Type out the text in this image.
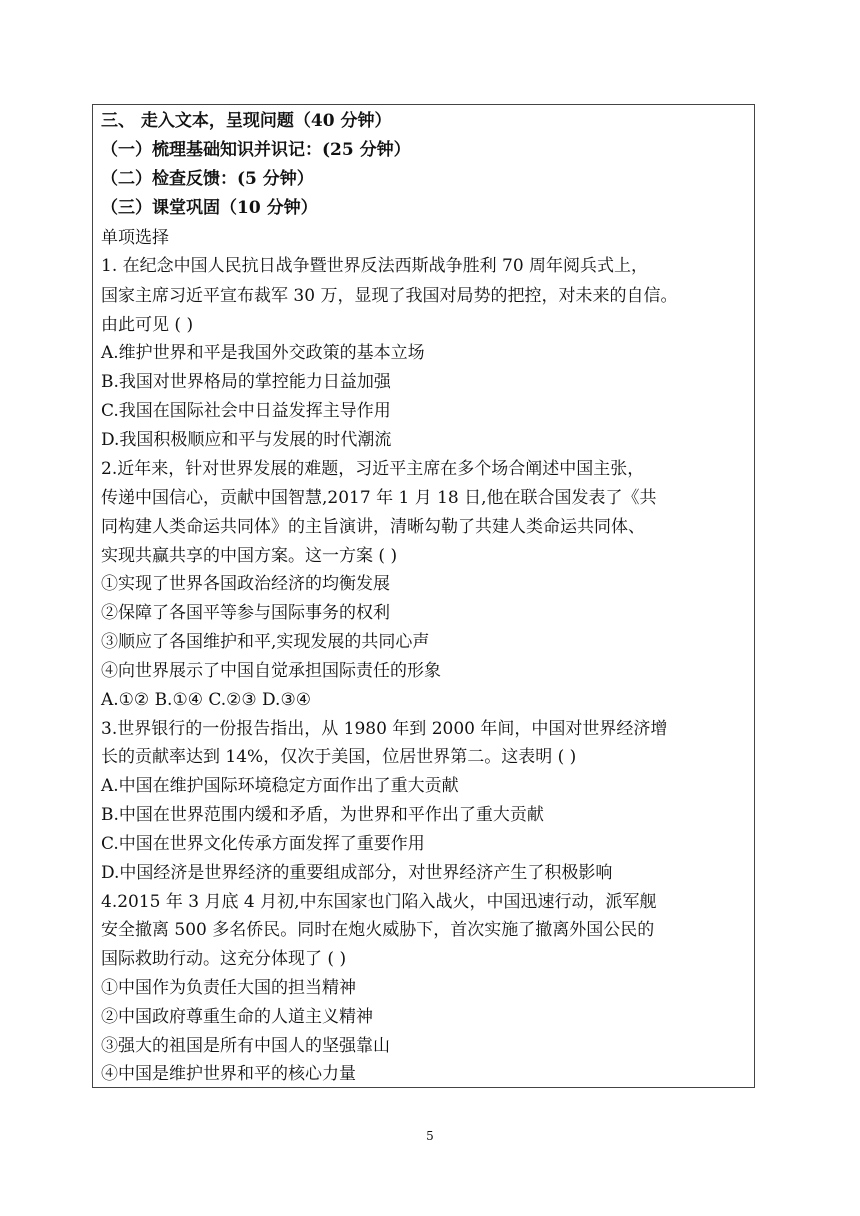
三、 走入文本，呈现问题（40 分钟）
（一）梳理基础知识并识记：(25 分钟）
（二）检查反馈：(5 分钟）
（三）课堂巩固（10 分钟）
单项选择
1. 在纪念中国人民抗日战争暨世界反法西斯战争胜利 70 周年阅兵式上，
国家主席习近平宣布裁军 30 万，显现了我国对局势的把控，对未来的自信。
由此可见 ( )
A.维护世界和平是我国外交政策的基本立场
B.我国对世界格局的掌控能力日益加强
C.我国在国际社会中日益发挥主导作用
D.我国积极顺应和平与发展的时代潮流
2.近年来，针对世界发展的难题，习近平主席在多个场合阐述中国主张，
传递中国信心，贡献中国智慧,2017 年 1 月 18 日,他在联合国发表了《共
同构建人类命运共同体》的主旨演讲，清晰勾勒了共建人类命运共同体、
实现共赢共享的中国方案。这一方案 ( )
①实现了世界各国政治经济的均衡发展
②保障了各国平等参与国际事务的权利
③顺应了各国维护和平,实现发展的共同心声
④向世界展示了中国自觉承担国际责任的形象
A.①② B.①④ C.②③ D.③④
3.世界银行的一份报告指出，从 1980 年到 2000 年间，中国对世界经济增
长的贡献率达到 14%，仅次于美国，位居世界第二。这表明 ( )
A.中国在维护国际环境稳定方面作出了重大贡献
B.中国在世界范围内缓和矛盾，为世界和平作出了重大贡献
C.中国在世界文化传承方面发挥了重要作用
D.中国经济是世界经济的重要组成部分，对世界经济产生了积极影响
4.2015 年 3 月底 4 月初,中东国家也门陷入战火，中国迅速行动，派军舰
安全撤离 500 多名侨民。同时在炮火威胁下，首次实施了撤离外国公民的
国际救助行动。这充分体现了 ( )
①中国作为负责任大国的担当精神
②中国政府尊重生命的人道主义精神
③强大的祖国是所有中国人的坚强靠山
④中国是维护世界和平的核心力量
5
